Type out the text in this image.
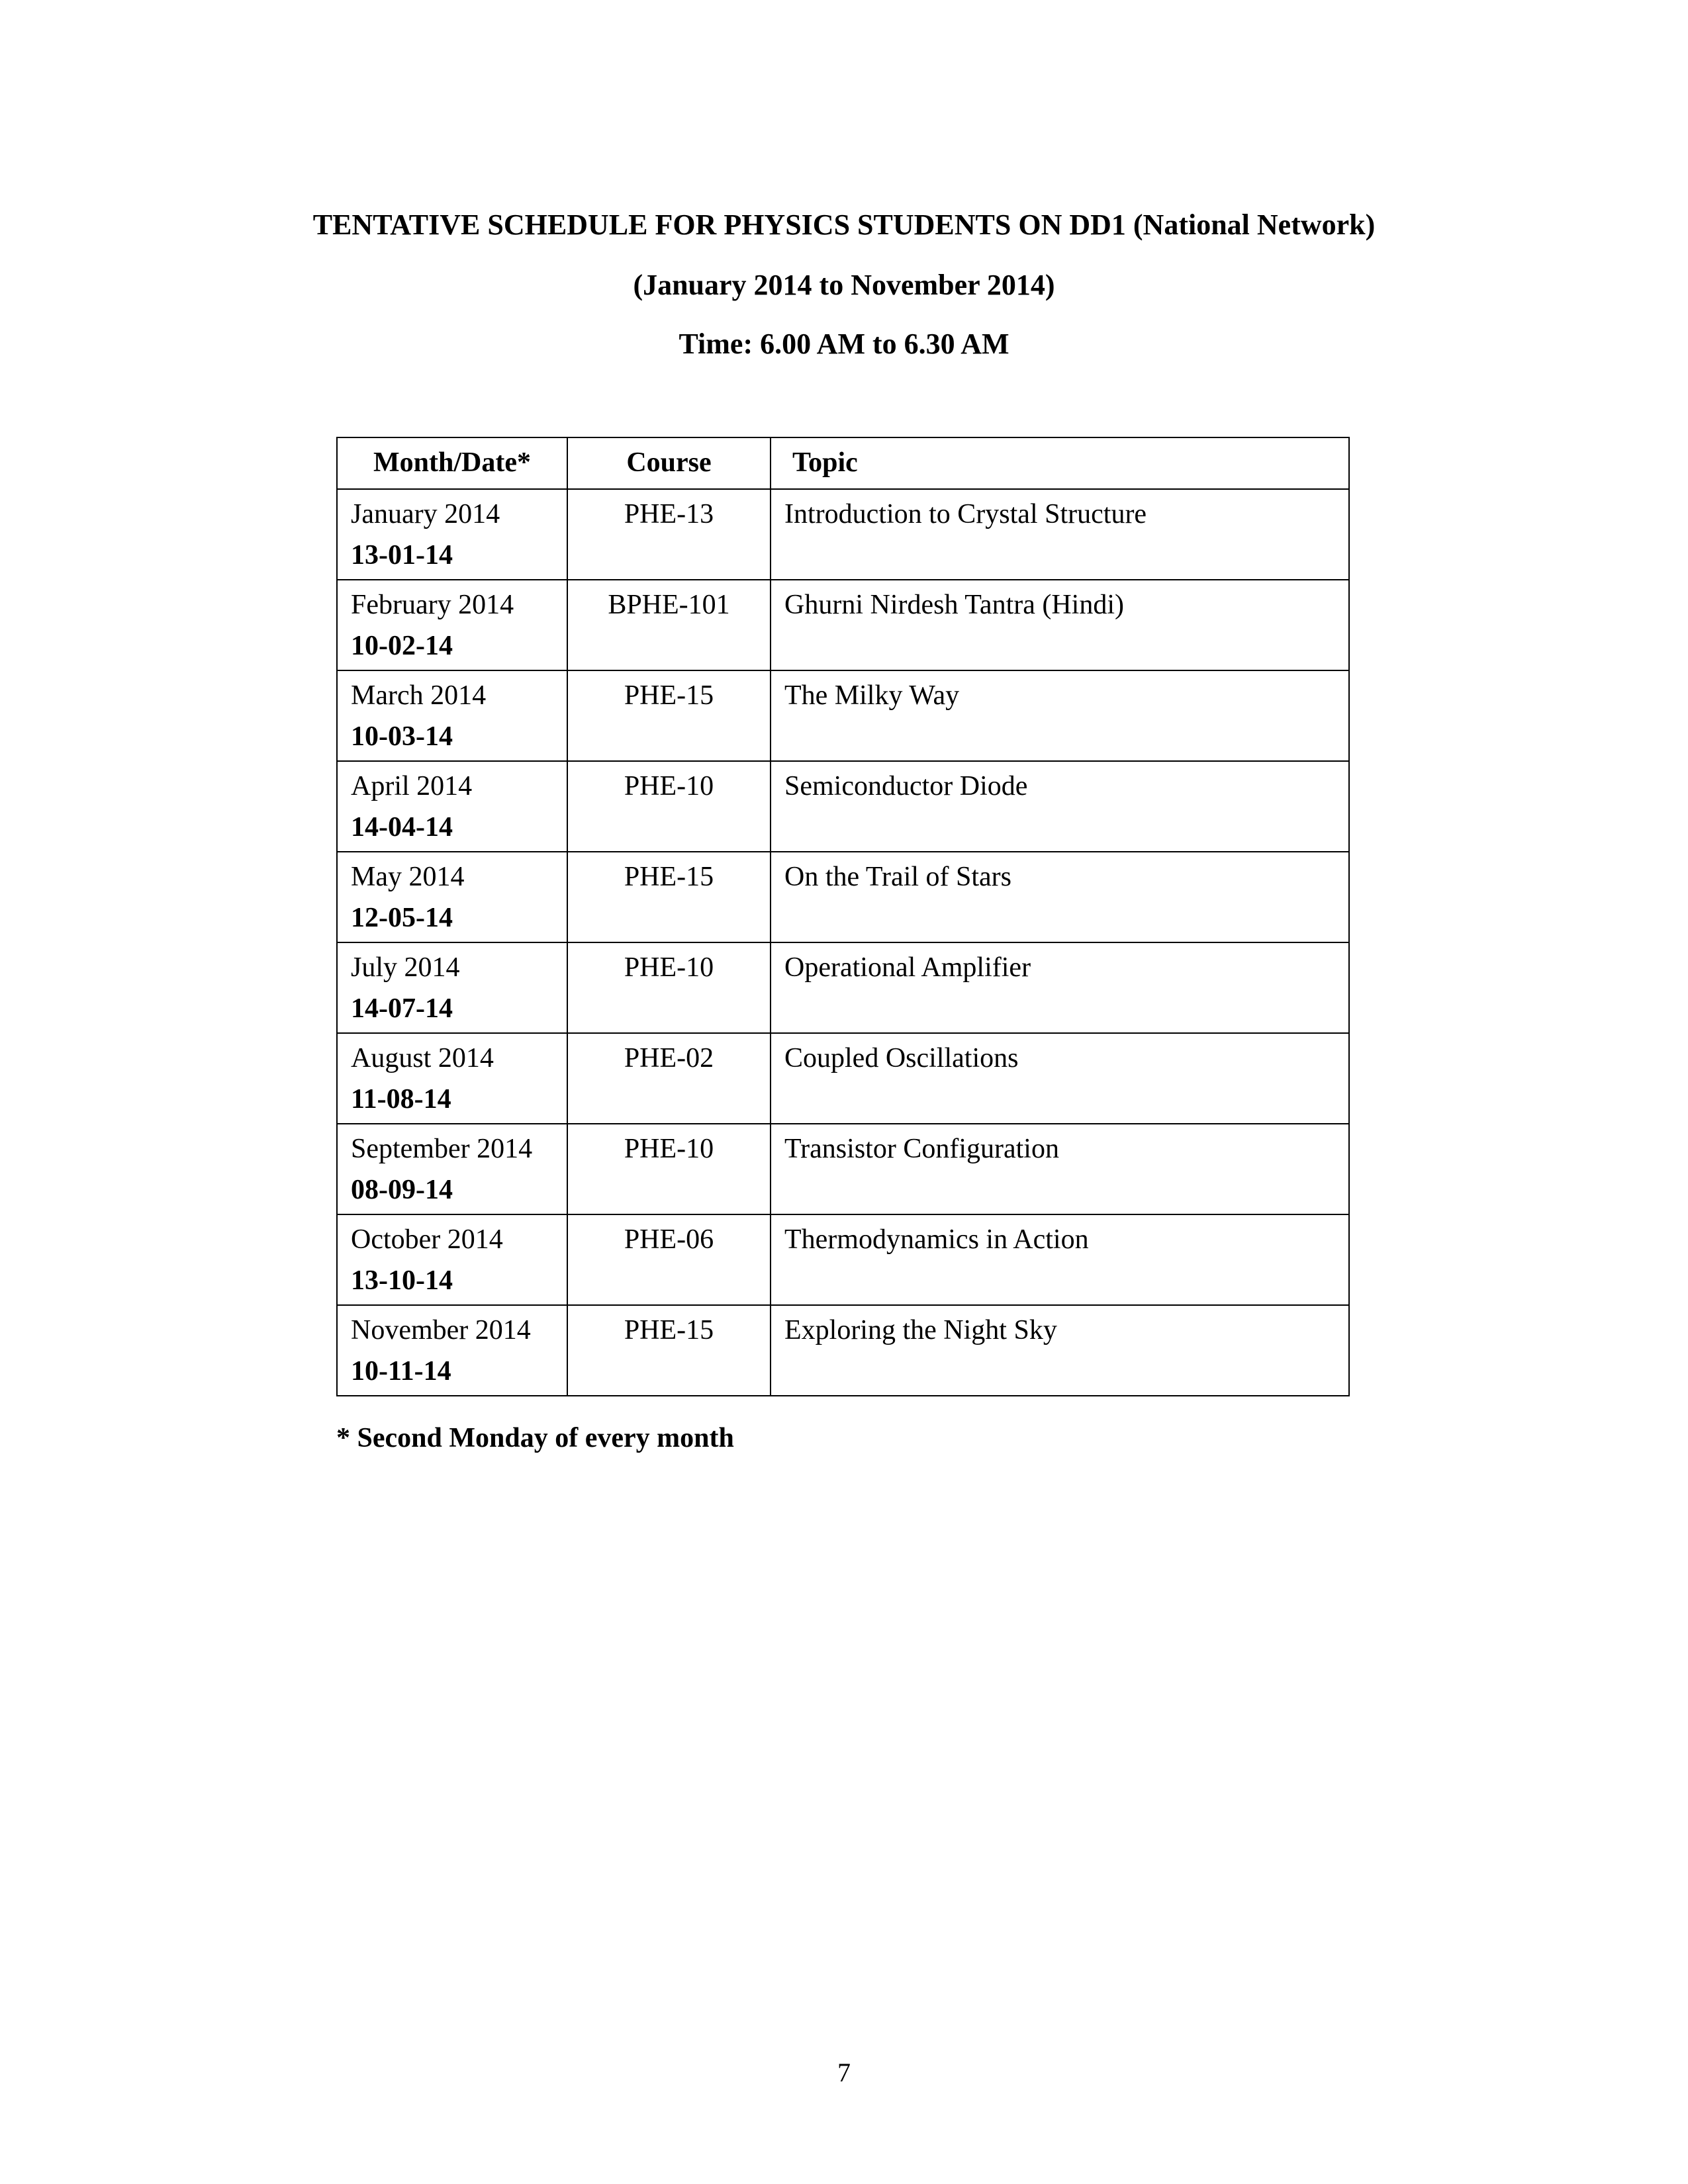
TENTATIVE SCHEDULE FOR PHYSICS STUDENTS ON DD1 (National Network)
(January 2014 to November 2014)
Time: 6.00 AM to 6.30 AM
Month/Date*	Course	Topic

January 2014
13-01-14	PHE-13	Introduction to Crystal Structure

February 2014
10-02-14	BPHE-101	Ghurni Nirdesh Tantra (Hindi)

March 2014
10-03-14	PHE-15	The Milky Way

April 2014
14-04-14	PHE-10	Semiconductor Diode

May 2014
12-05-14	PHE-15	On the Trail of Stars

July 2014
14-07-14	PHE-10	Operational Amplifier

August 2014
11-08-14	PHE-02	Coupled Oscillations

September 2014
08-09-14	PHE-10	Transistor Configuration

October 2014
13-10-14	PHE-06	Thermodynamics in Action

November 2014
10-11-14	PHE-15	Exploring the Night Sky
* Second Monday of every month
7
